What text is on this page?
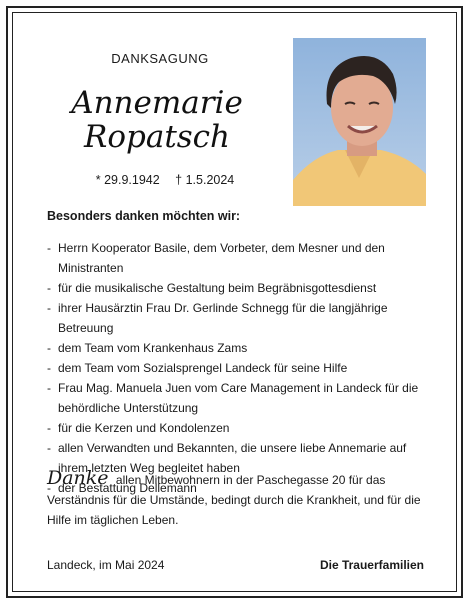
DANKSAGUNG
Annemarie
Ropatsch
* 29.9.1942 † 1.5.2024
Besonders danken möchten wir:
- Herrn Kooperator Basile, dem Vorbeter, dem Mesner und den Ministranten
- für die musikalische Gestaltung beim Begräbnisgottesdienst
- ihrer Hausärztin Frau Dr. Gerlinde Schnegg für die langjährige Betreuung
- dem Team vom Krankenhaus Zams
- dem Team vom Sozialsprengel Landeck für seine Hilfe
- Frau Mag. Manuela Juen vom Care Management in Landeck für die behördliche Unterstützung
- für die Kerzen und Kondolenzen
- allen Verwandten und Bekannten, die unsere liebe Annemarie auf ihrem letzten Weg begleitet haben
- der Bestattung Dellemann
Danke allen Mitbewohnern in der Paschegasse 20 für das Verständnis für die Umstände, bedingt durch die Krankheit, und für die Hilfe im täglichen Leben.
Landeck, im Mai 2024	Die Trauerfamilien
